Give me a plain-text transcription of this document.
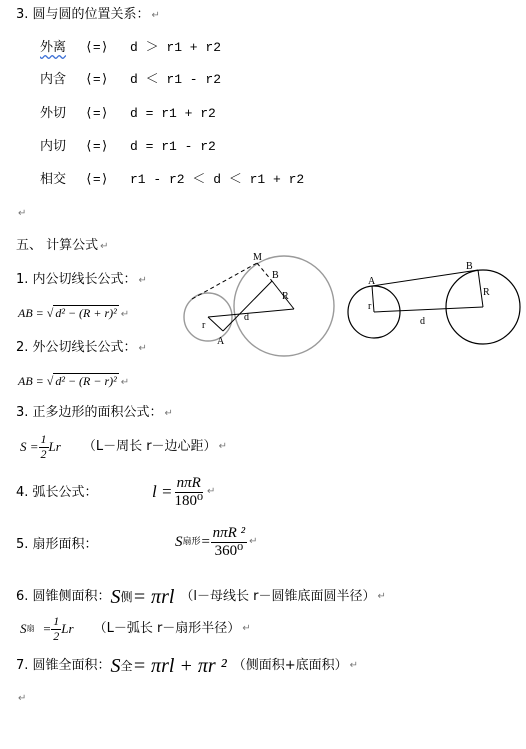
3. 圆与圆的位置关系： ↵
外离 ⟨=⟩ d ＞ r1 + r2
内含 ⟨=⟩ d ＜ r1 - r2
外切 ⟨=⟩ d = r1 + r2
内切 ⟨=⟩ d = r1 - r2
相交 ⟨=⟩ r1 - r2 ＜ d ＜ r1 + r2
↵
五、 计算公式 ↵
1. 内公切线长公式： ↵
AB = √ d² − (R + r)² ↵
2. 外公切线长公式： ↵
AB = √ d² − (R − r)² ↵
3. 正多边形的面积公式： ↵
$S = \frac{1}{2}$ Lr （L－周长 r－边心距） ↵
4. 弧长公式：	$l = \frac{\text{nπR}}{\text{180⁰}}$ ↵
5. 扇形面积：	S 扇形 = $\frac{\text{nπR ²}}{\text{360⁰}}$ ↵
6. 圆锥侧面积： S 侧 = πrl （l－母线长 r－圆锥底面圆半径） ↵
S 扇 = $\frac{1}{2}$ Lr （L－弧长 r－扇形半径） ↵
7. 圆锥全面积： S 全 = πrl + πr ² （侧面积+底面积） ↵
↵
M
B
R
r
d
A
A
B
R
r
d
